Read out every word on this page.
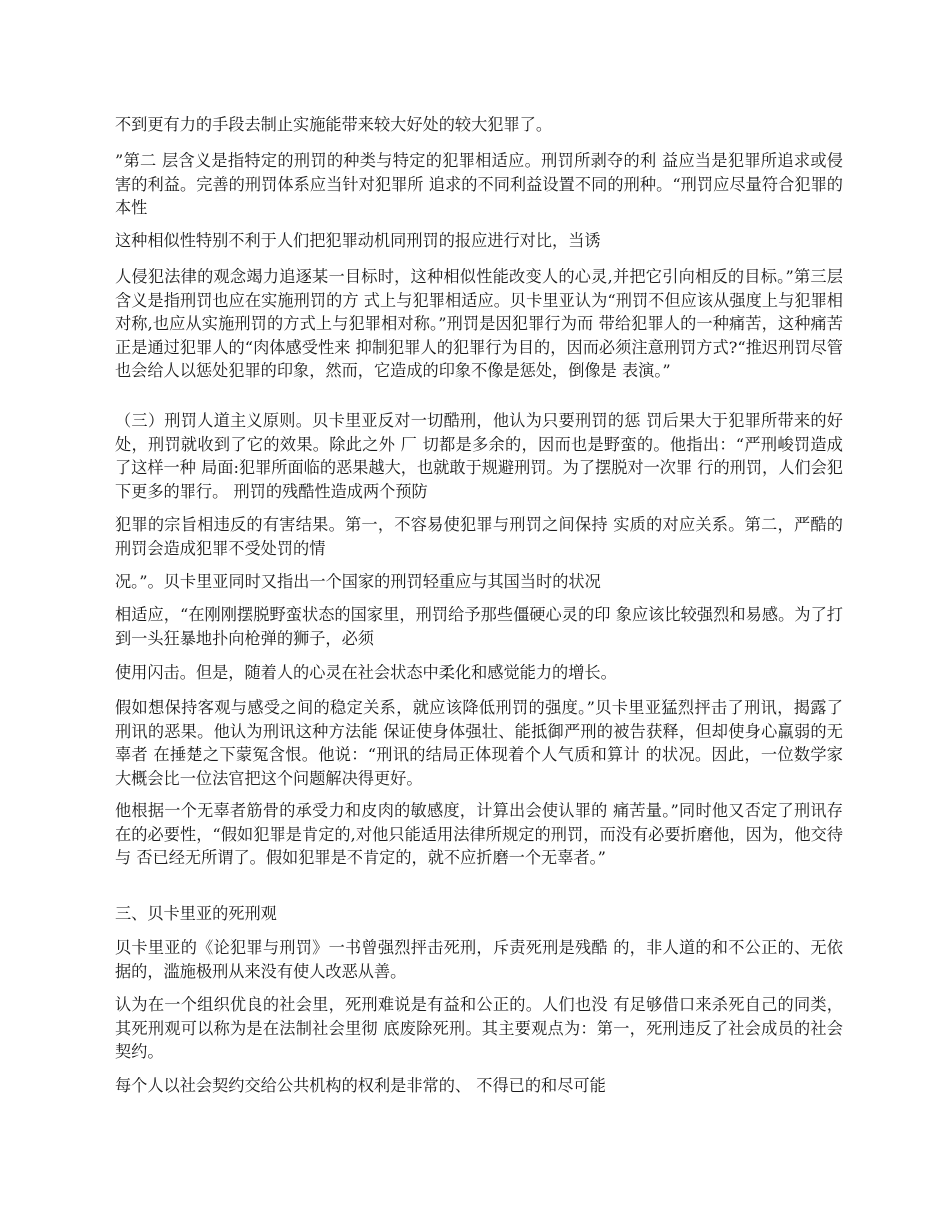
不到更有力的手段去制止实施能带来较大好处的较大犯罪了。

”第二 层含义是指特定的刑罚的种类与特定的犯罪相适应。刑罚所剥夺的利 益应当是犯罪所追求或侵害的利益。完善的刑罚体系应当针对犯罪所 追求的不同利益设置不同的刑种。“刑罚应尽量符合犯罪的本性

这种相似性特别不利于人们把犯罪动机同刑罚的报应进行对比，当诱

人侵犯法律的观念竭力追逐某一目标时，这种相似性能改变人的心灵,并把它引向相反的目标。”第三层含义是指刑罚也应在实施刑罚的方 式上与犯罪相适应。贝卡里亚认为“刑罚不但应该从强度上与犯罪相 对称,也应从实施刑罚的方式上与犯罪相对称。”刑罚是因犯罪行为而 带给犯罪人的一种痛苦，这种痛苦正是通过犯罪人的“肉体感受性来 抑制犯罪人的犯罪行为目的，因而必须注意刑罚方式?“推迟刑罚尽管 也会给人以惩处犯罪的印象，然而，它造成的印象不像是惩处，倒像是 表演。”

（三）刑罚人道主义原则。贝卡里亚反对一切酷刑，他认为只要刑罚的惩 罚后果大于犯罪所带来的好处，刑罚就收到了它的效果。除此之外 厂 切都是多余的，因而也是野蛮的。他指出：“严刑峻罚造成了这样一种 局面:犯罪所面临的恶果越大，也就敢于规避刑罚。为了摆脱对一次罪 行的刑罚，人们会犯下更多的罪行。 刑罚的残酷性造成两个预防

犯罪的宗旨相违反的有害结果。第一，不容易使犯罪与刑罚之间保持 实质的对应关系。第二，严酷的刑罚会造成犯罪不受处罚的情

况。”。贝卡里亚同时又指出一个国家的刑罚轻重应与其国当时的状况

相适应，“在刚刚摆脱野蛮状态的国家里，刑罚给予那些僵硬心灵的印 象应该比较强烈和易感。为了打到一头狂暴地扑向枪弹的狮子，必须

使用闪击。但是，随着人的心灵在社会状态中柔化和感觉能力的增长。

假如想保持客观与感受之间的稳定关系，就应该降低刑罚的强度。”贝卡里亚猛烈抨击了刑讯，揭露了刑讯的恶果。他认为刑讯这种方法能 保证使身体强壮、能抵御严刑的被告获释，但却使身心羸弱的无辜者 在捶楚之下蒙冤含恨。他说：“刑讯的结局正体现着个人气质和算计 的状况。因此，一位数学家大概会比一位法官把这个问题解决得更好。

他根据一个无辜者筋骨的承受力和皮肉的敏感度，计算出会使认罪的 痛苦量。”同时他又否定了刑讯存在的必要性，“假如犯罪是肯定的,对他只能适用法律所规定的刑罚，而没有必要折磨他，因为，他交待与 否已经无所谓了。假如犯罪是不肯定的，就不应折磨一个无辜者。”

三、贝卡里亚的死刑观

贝卡里亚的《论犯罪与刑罚》一书曾强烈抨击死刑，斥责死刑是残酷 的，非人道的和不公正的、无依据的，滥施极刑从来没有使人改恶从善。

认为在一个组织优良的社会里，死刑难说是有益和公正的。人们也没 有足够借口来杀死自己的同类，其死刑观可以称为是在法制社会里彻 底废除死刑。其主要观点为：第一，死刑违反了社会成员的社会契约。

每个人以社会契约交给公共机构的权利是非常的、 不得已的和尽可能
